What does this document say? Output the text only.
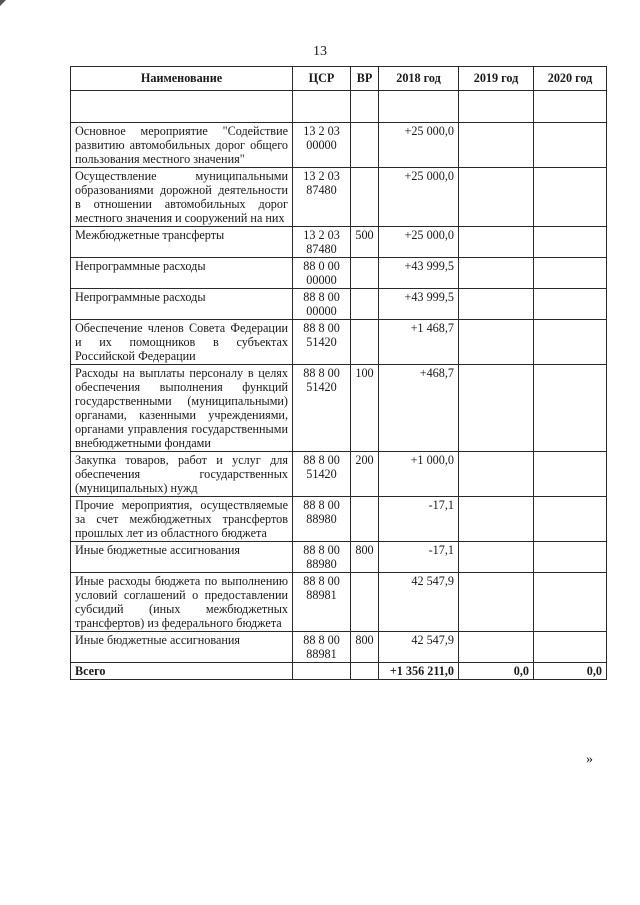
13
Наименование	ЦСР	ВР	2018 год	2019 год	2020 год

Основное мероприятие "Содействие развитию автомобильных дорог общего пользования местного значения"	13 2 03 00000		+25 000,0		
Осуществление муниципальными образованиями дорожной деятельности в отношении автомобильных дорог местного значения и сооружений на них	13 2 03 87480		+25 000,0		
Межбюджетные трансферты	13 2 03 87480	500	+25 000,0		
Непрограммные расходы	88 0 00 00000		+43 999,5		
Непрограммные расходы	88 8 00 00000		+43 999,5		
Обеспечение членов Совета Федерации и их помощников в субъектах Российской Федерации	88 8 00 51420		+1 468,7		
Расходы на выплаты персоналу в целях обеспечения выполнения функций государственными (муниципальными) органами, казенными учреждениями, органами управления государственными внебюджетными фондами	88 8 00 51420	100	+468,7		
Закупка товаров, работ и услуг для обеспечения государственных (муниципальных) нужд	88 8 00 51420	200	+1 000,0		
Прочие мероприятия, осуществляемые за счет межбюджетных трансфертов прошлых лет из областного бюджета	88 8 00 88980		-17,1		
Иные бюджетные ассигнования	88 8 00 88980	800	-17,1		
Иные расходы бюджета по выполнению условий соглашений о предоставлении субсидий (иных межбюджетных трансфертов) из федерального бюджета	88 8 00 88981		42 547,9		
Иные бюджетные ассигнования	88 8 00 88981	800	42 547,9		
Всего			+1 356 211,0	0,0	0,0
»
